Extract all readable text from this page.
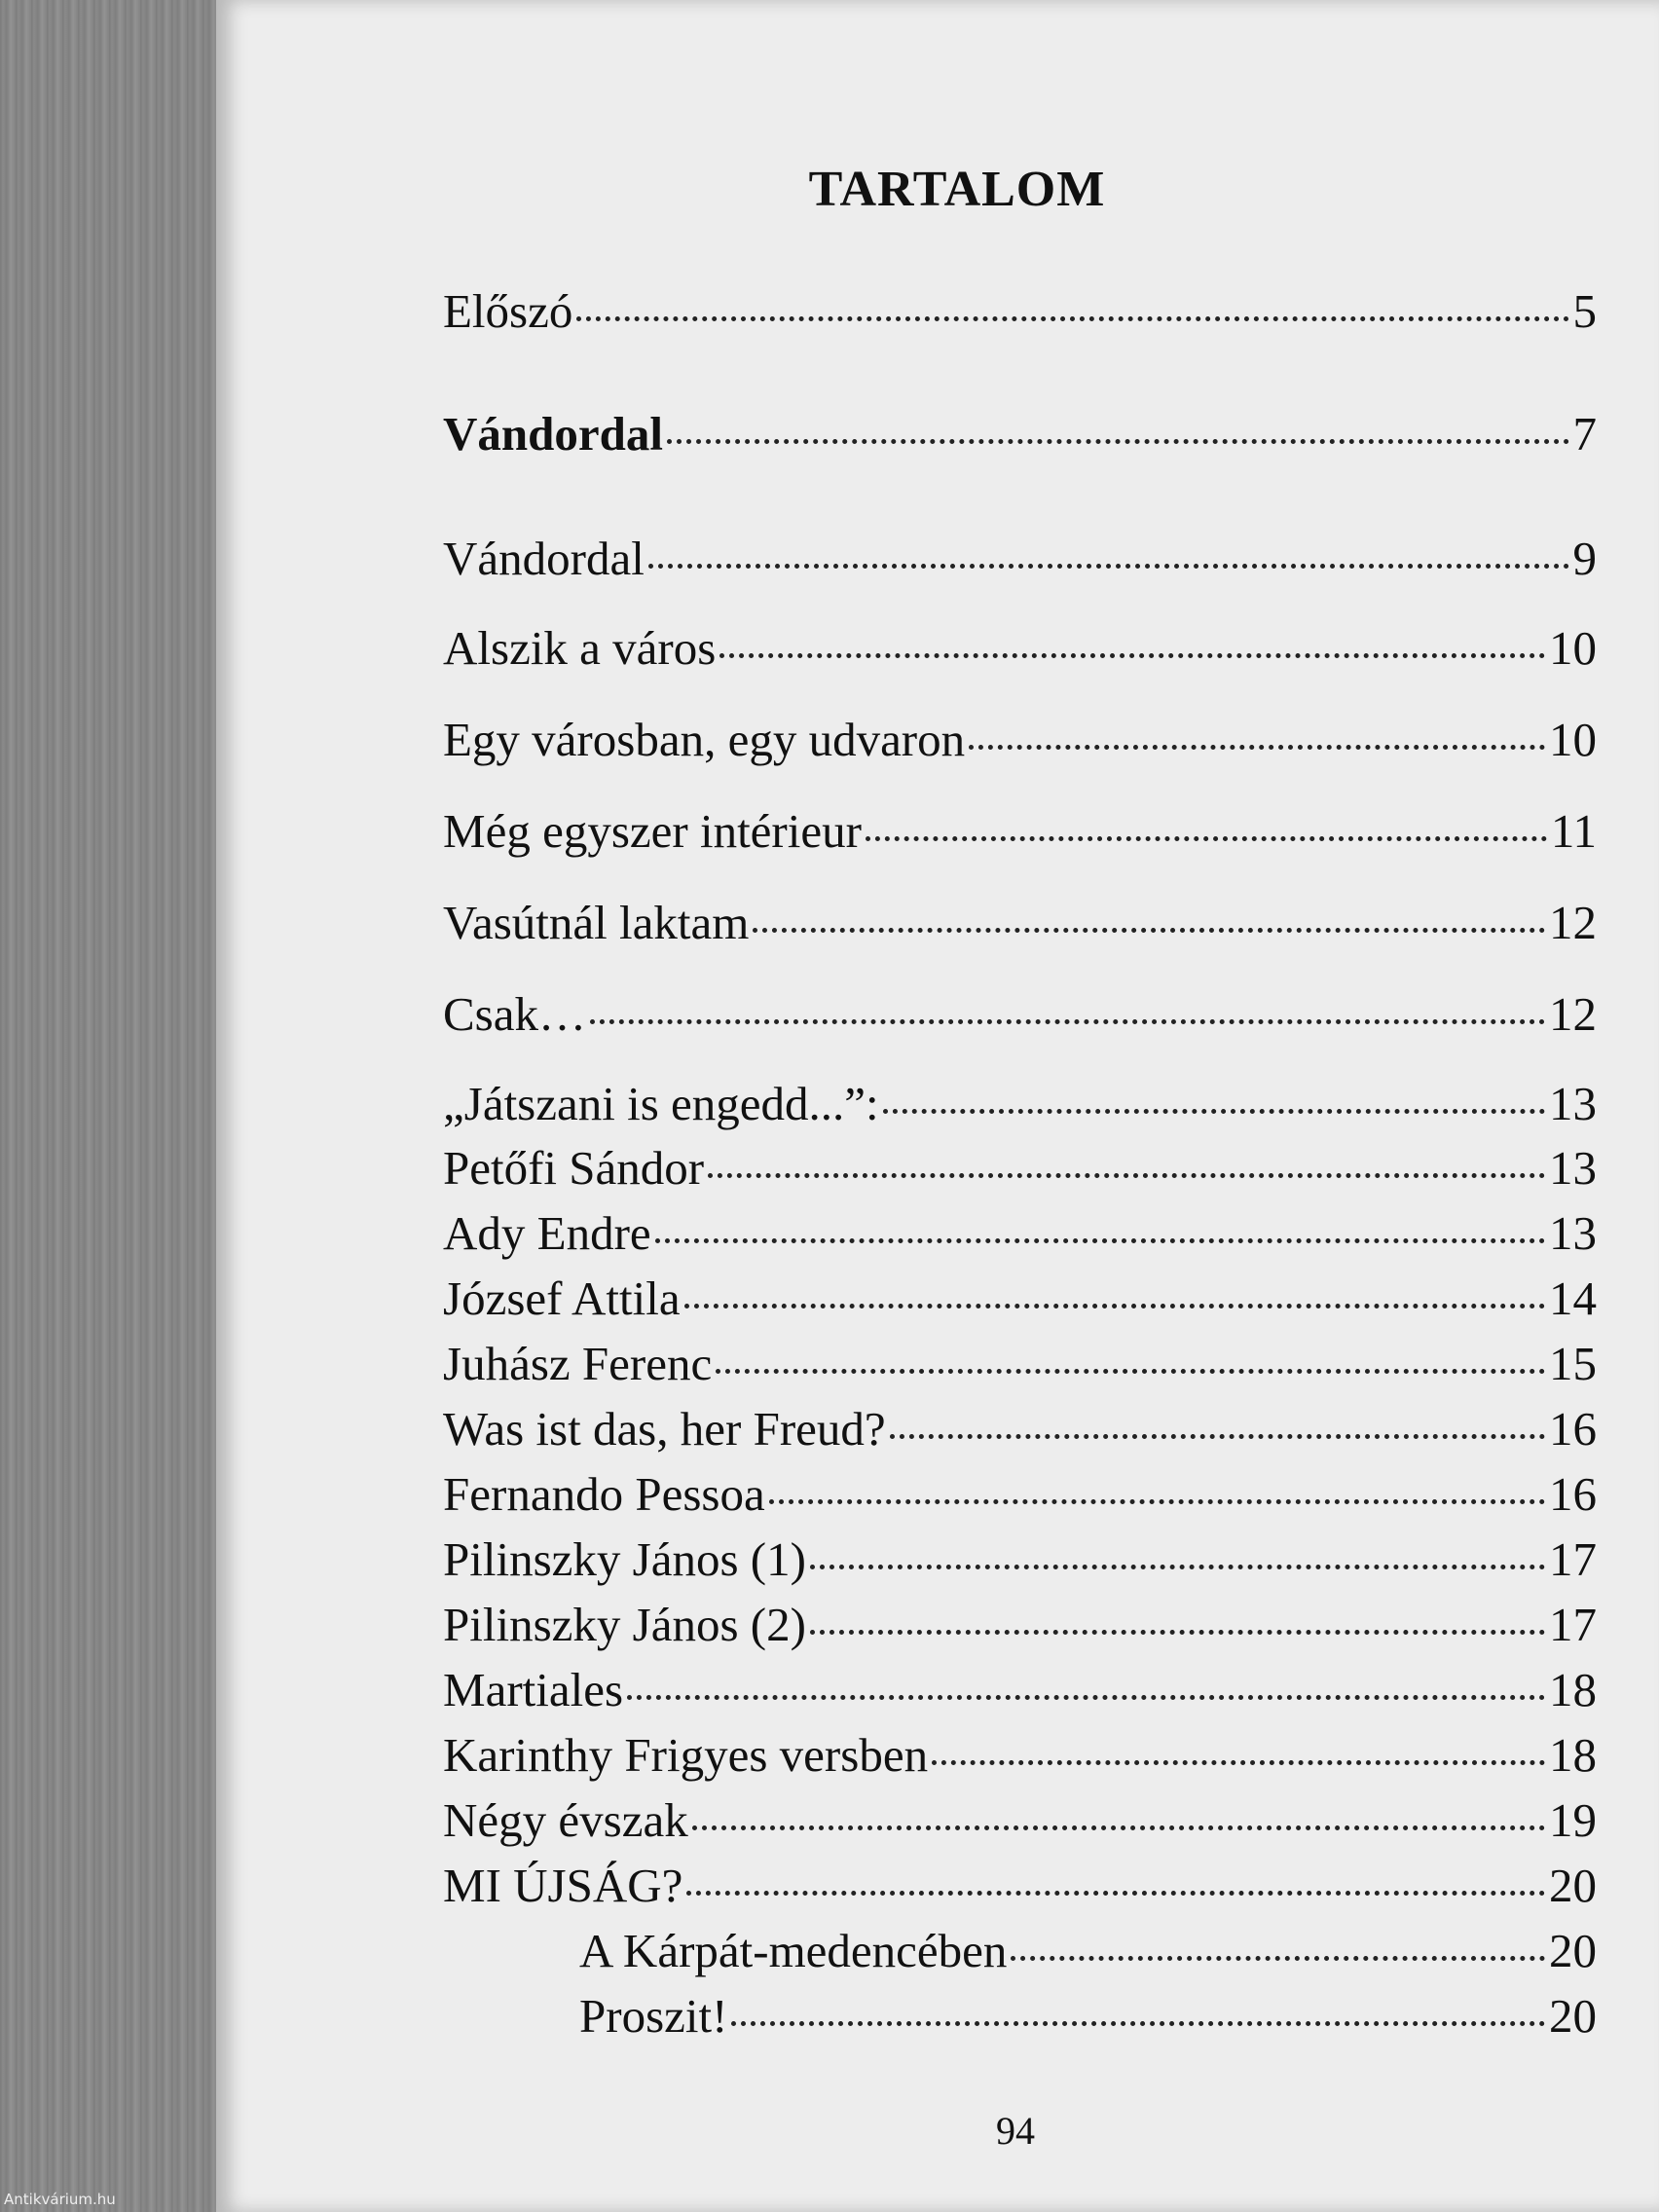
TARTALOM
Előszó	5
Vándordal	7
Vándordal	9
Alszik a város	10
Egy városban, egy udvaron	10
Még egyszer intérieur	11
Vasútnál laktam	12
Csak…	12
„Játszani is engedd...”:	13
Petőfi Sándor	13
Ady Endre	13
József Attila	14
Juhász Ferenc	15
Was ist das, her Freud?	16
Fernando Pessoa	16
Pilinszky János (1)	17
Pilinszky János (2)	17
Martiales	18
Karinthy Frigyes versben	18
Négy évszak	19
MI ÚJSÁG?	20
A Kárpát-medencében	20
Proszit!	20
94
Antikvárium.hu
